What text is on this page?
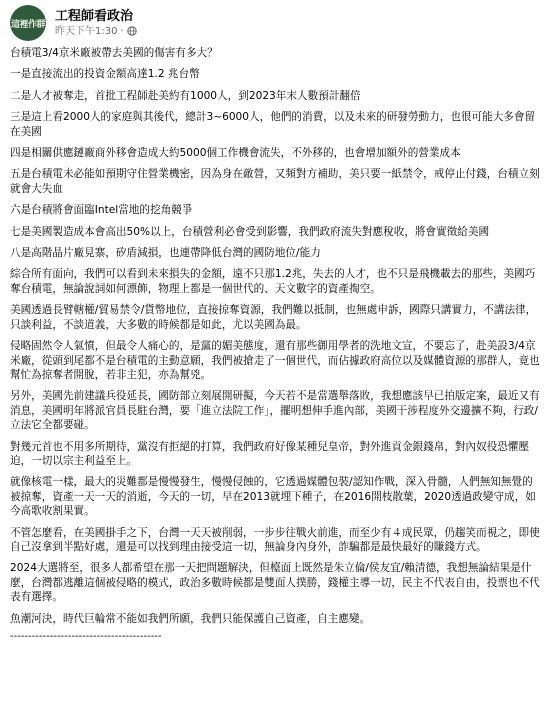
這裡作群
工程師看政治
昨天下午1:30 ·

台積電3/4京米廠被帶去美國的傷害有多大？

一是直接流出的投資金額高達1.2 兆台幣

二是人才被奪走，首批工程師赴美約有1000人，到2023年末人數預計翻倍

三是這上看2000人的家庭與其後代，總計3~6000人，他們的消費，以及未來的研發勞動力，也很可能大多會留在美國

四是相關供應鏈廠商外移會造成大約5000個工作機會流失，不外移的，也會增加額外的營業成本

五是台積電未必能如預期守住營業機密，因為身在敵營，又頻對方補助，美只要一紙禁令，戒停止付錢，台積立刻就會大失血

六是台積將會面臨Intel當地的挖角競爭

七是美國製造成本會高出50%以上，台積營利必會受到影響，我們政府流失對應稅收，將會實徵給美國

八是高階晶片廠見寨，矽盾減損，也連帶降低台灣的國防地位/能力

綜合所有面向，我們可以看到未來損失的金額，遠不只那1.2兆，失去的人才，也不只是飛機載去的那些，美國巧奪台積電，無論說詞如何漂飾，物理上都是一個世代的、天文數字的資產掏空。

美國透過長臂轄權/貿易禁令/貨幣地位，直接掠奪資源，我們難以抵制，也無處申訴，國際只講實力，不講法律，只談利益，不談道義，大多數的時候都是如此，尤以美國為最。

侵略固然令人氣憤，但最令人痛心的，是黨的媚美態度，還有那些御用學者的洗地文宣，不要忘了，赴美設3/4京米廠，從頭到尾都不是台積電的主動意願，我們被搶走了一個世代，而佔據政府高位以及媒體資源的那群人，竟也幫忙為掠奪者開脫，若非主犯，亦為幫兇。

另外，美國先前建議兵役延長，國防部立刻展開研擬，今天若不是當選舉落敗，我想應該早已拍版定案，最近又有消息，美國明年將派官員長駐台灣，要「進立法院工作」，擺明想伸手進內部，美國干涉程度外交邊擴不夠，行政/立法它全都要碰。

對幾元首也不用多所期待，黨沒有拒絕的打算，我們政府好像某種兒皇帝，對外進貢金銀錢帛，對內奴役恐懼壓迫，一切以宗主利益至上。

就像核電一樣，最大的災難都是慢慢發生，慢慢侵蝕的，它透過媒體包裝/認知作戰，深入骨髓，人們無知無覺的被掠奪，資產一天一天的消逝，今天的一切，早在2013就埋下種子，在2016開枝散葉，2020透過政變守成，如今高歌收割果實。

不管怎麼看，在美國掛手之下，台灣一天天被削弱，一步步往戰火前進，而至少有４成民眾，仍趨笑而視之，即使自己沒拿到半點好處，還是可以找到理由接受這一切，無論身內身外，詐騙都是最快最好的賺錢方式。

2024大選將至，很多人都希望在那一天把問題解決，但檯面上既然是朱立倫/侯友宜/賴清德，我想無論結果是什麼，台灣都逃離這個被侵略的模式，政治多數時候都是雙面人撲勝，錢權主導一切，民主不代表自由，投票也不代表有選擇。

魚潮河決，時代巨輪常不能如我們所願，我們只能保護自己資產，自主應變。

------------------------------------------
